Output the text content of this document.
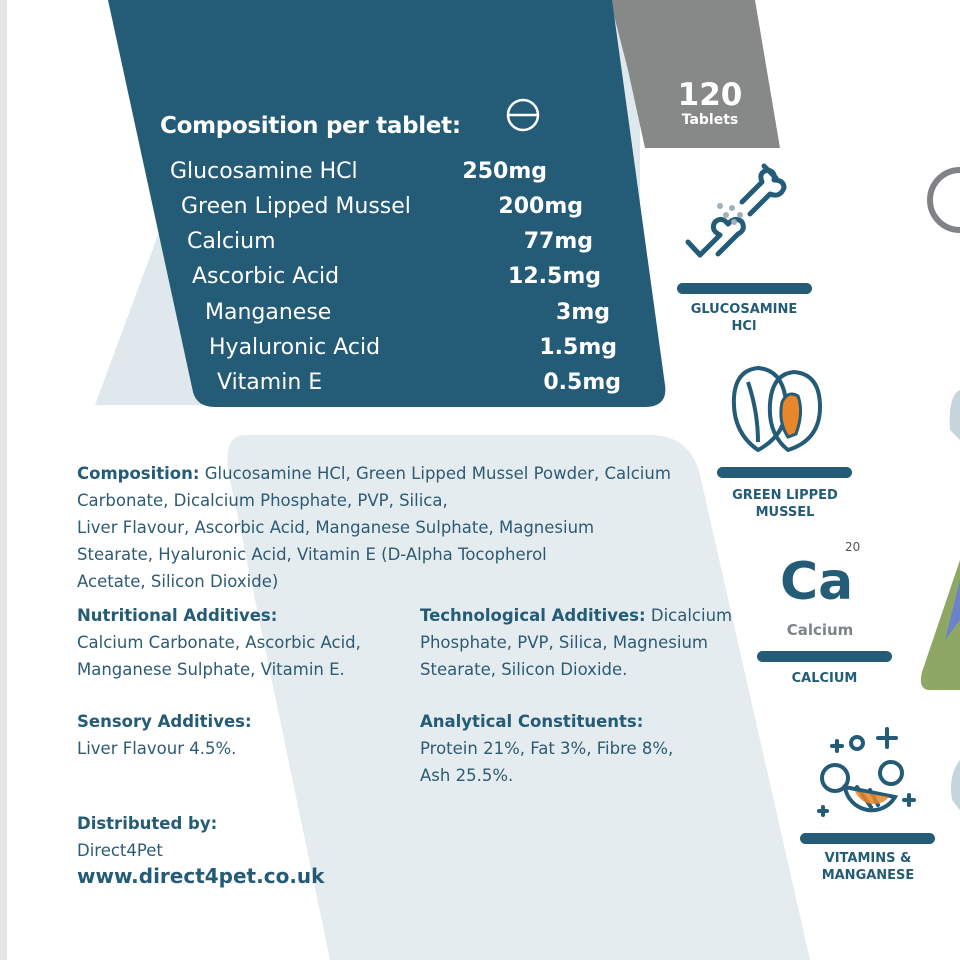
Composition per tablet:
Glucosamine HCl	250mg
Green Lipped Mussel	200mg
Calcium	77mg
Ascorbic Acid	12.5mg
Manganese	3mg
Hyaluronic Acid	1.5mg
Vitamin E	0.5mg
120
Tablets
Composition: Glucosamine HCl, Green Lipped Mussel Powder, Calcium
Carbonate, Dicalcium Phosphate, PVP, Silica,
Liver Flavour, Ascorbic Acid, Manganese Sulphate, Magnesium
Stearate, Hyaluronic Acid, Vitamin E (D-Alpha Tocopherol
Acetate, Silicon Dioxide)
Nutritional Additives:
Calcium Carbonate, Ascorbic Acid,
Manganese Sulphate, Vitamin E.
Technological Additives: Dicalcium
Phosphate, PVP, Silica, Magnesium
Stearate, Silicon Dioxide.
Sensory Additives:
Liver Flavour 4.5%.
Analytical Constituents:
Protein 21%, Fat 3%, Fibre 8%,
Ash 25.5%.
Distributed by:
Direct4Pet
www.direct4pet.co.uk
GLUCOSAMINE
HCl
GREEN LIPPED
MUSSEL
20
Ca
Calcium
CALCIUM
VITAMINS &
MANGANESE
